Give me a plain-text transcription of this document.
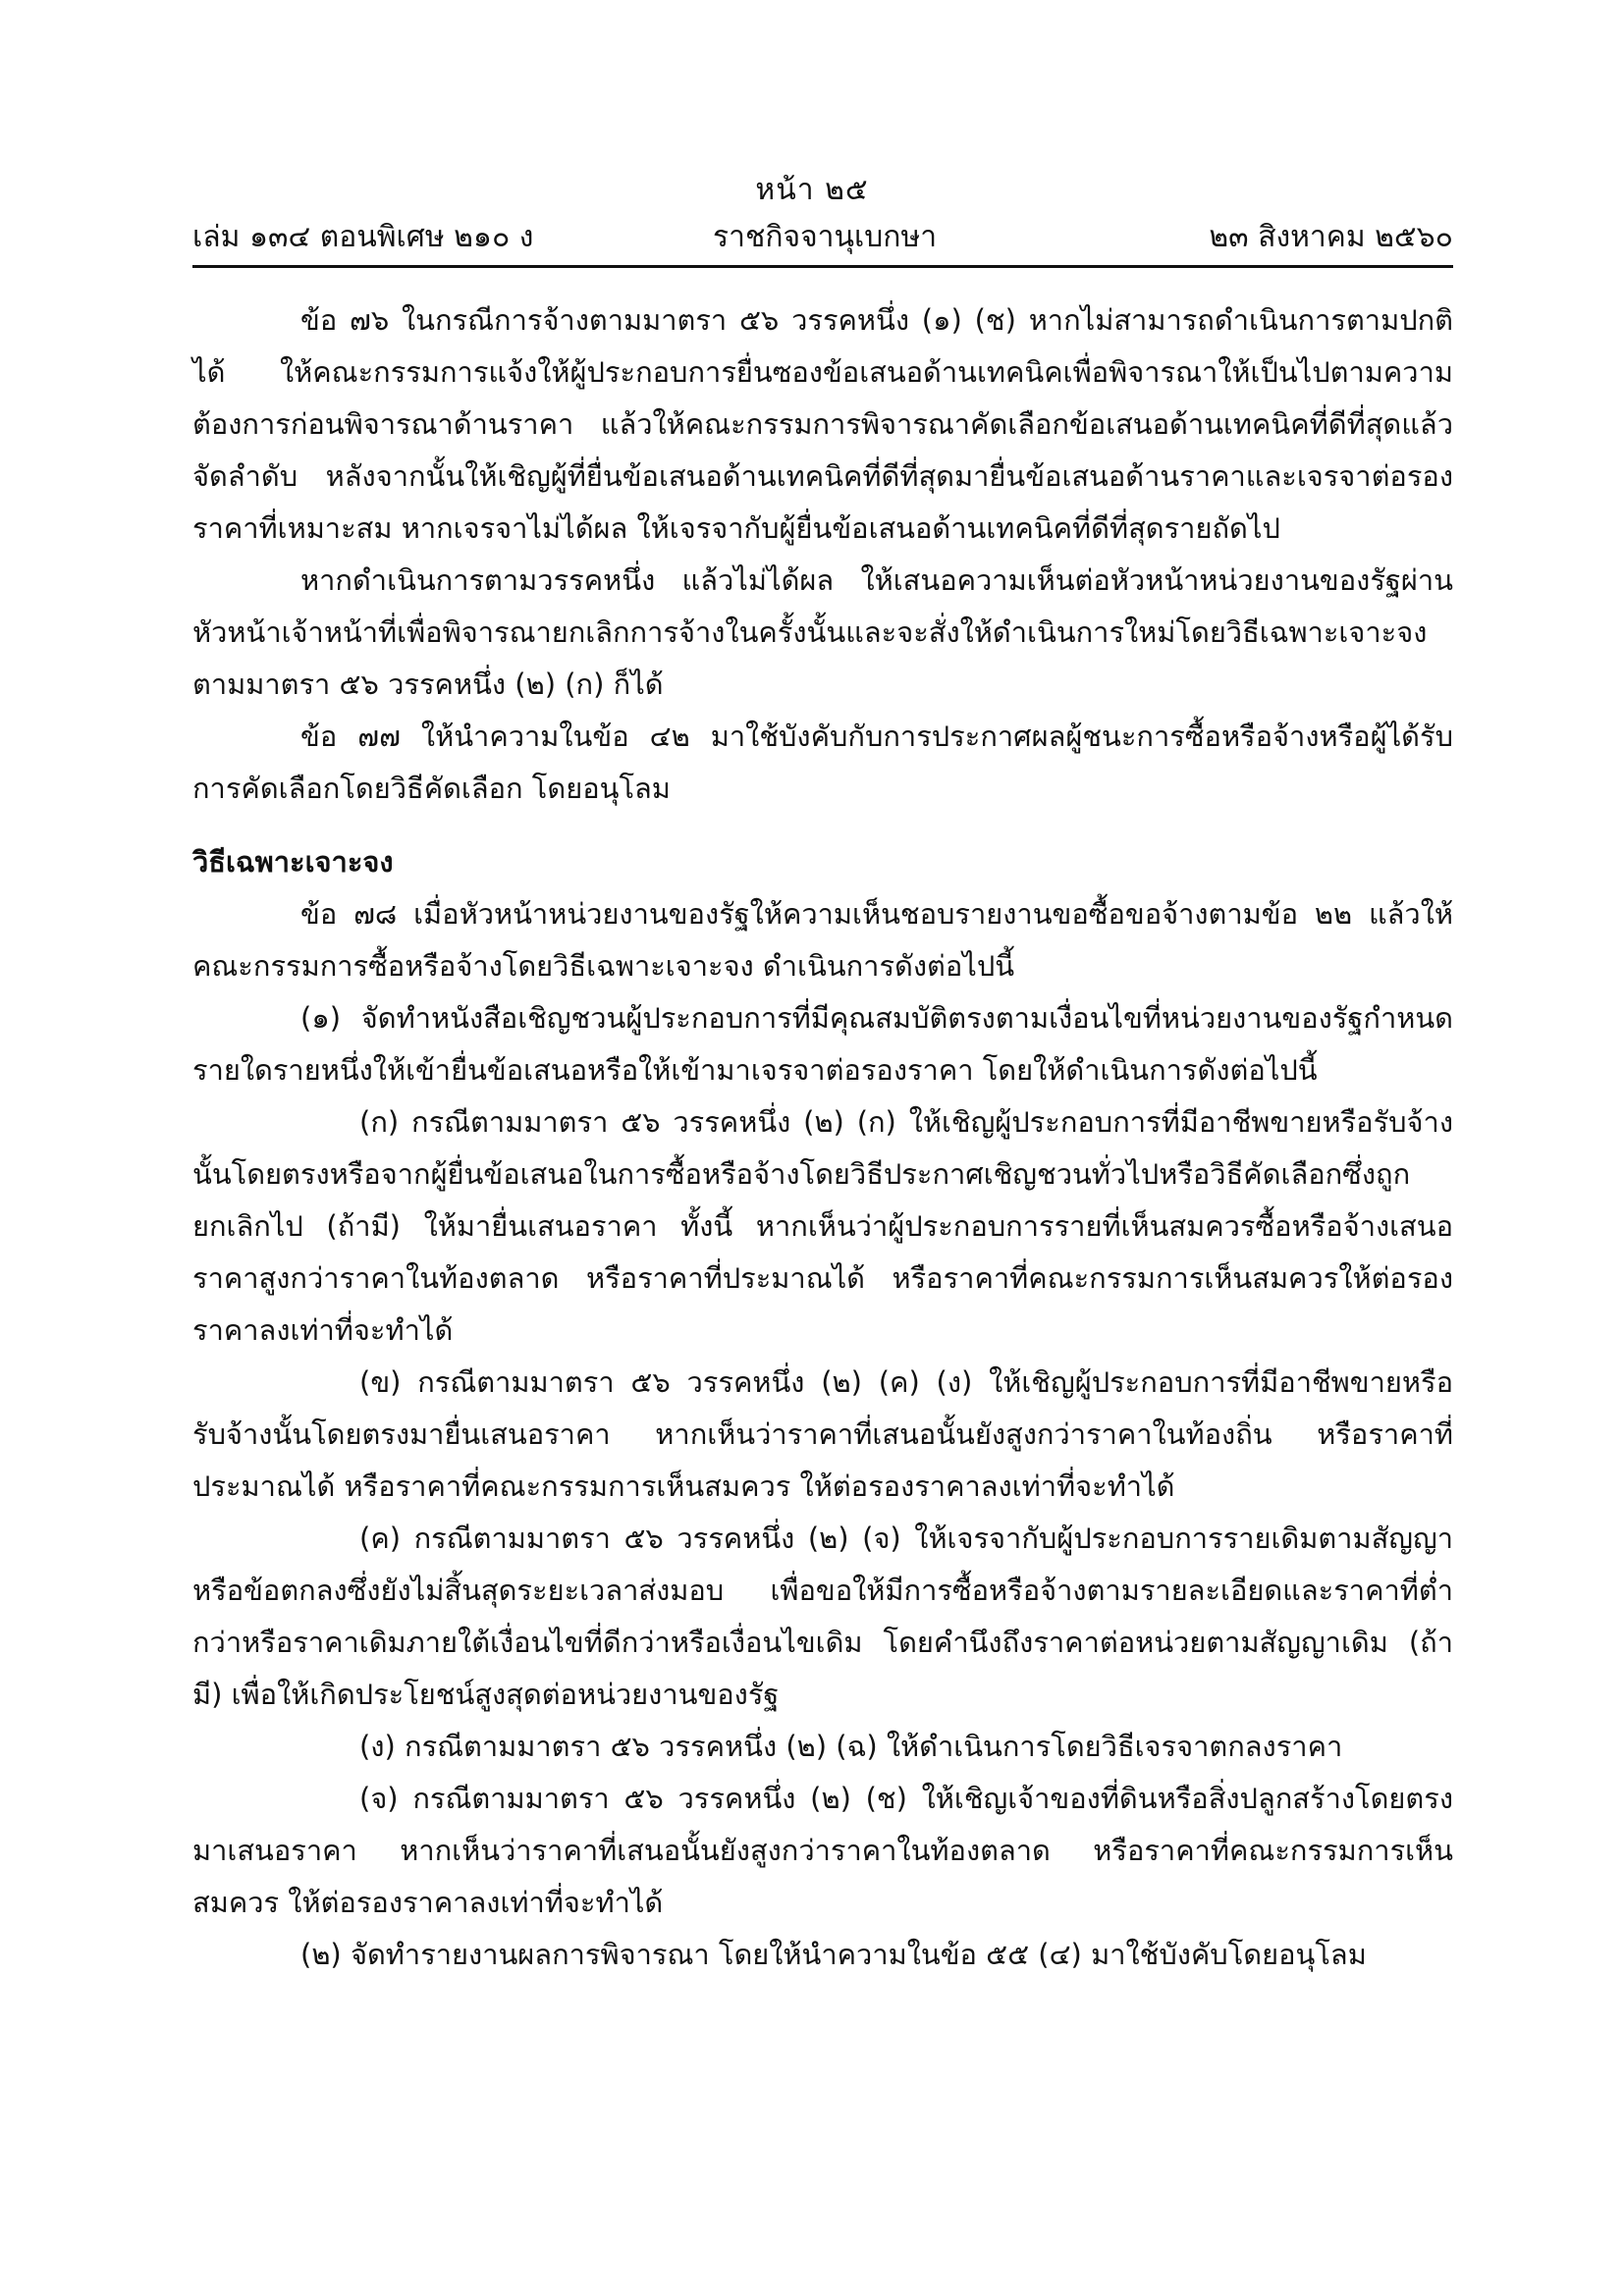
หน้า ๒๕
เล่ม ๑๓๔ ตอนพิเศษ ๒๑๐ ง	ราชกิจจานุเบกษา	๒๓ สิงหาคม ๒๕๖๐

ข้อ ๗๖ ในกรณีการจ้างตามมาตรา ๕๖ วรรคหนึ่ง (๑) (ช) หากไม่สามารถดำเนินการตามปกติได้ ให้คณะกรรมการแจ้งให้ผู้ประกอบการยื่นซองข้อเสนอด้านเทคนิคเพื่อพิจารณาให้เป็นไปตามความต้องการก่อนพิจารณาด้านราคา แล้วให้คณะกรรมการพิจารณาคัดเลือกข้อเสนอด้านเทคนิคที่ดีที่สุดแล้วจัดลำดับ หลังจากนั้นให้เชิญผู้ที่ยื่นข้อเสนอด้านเทคนิคที่ดีที่สุดมายื่นข้อเสนอด้านราคาและเจรจาต่อรองราคาที่เหมาะสม หากเจรจาไม่ได้ผล ให้เจรจากับผู้ยื่นข้อเสนอด้านเทคนิคที่ดีที่สุดรายถัดไป

หากดำเนินการตามวรรคหนึ่ง แล้วไม่ได้ผล ให้เสนอความเห็นต่อหัวหน้าหน่วยงานของรัฐผ่านหัวหน้าเจ้าหน้าที่เพื่อพิจารณายกเลิกการจ้างในครั้งนั้นและจะสั่งให้ดำเนินการใหม่โดยวิธีเฉพาะเจาะจงตามมาตรา ๕๖ วรรคหนึ่ง (๒) (ก) ก็ได้

ข้อ ๗๗ ให้นำความในข้อ ๔๒ มาใช้บังคับกับการประกาศผลผู้ชนะการซื้อหรือจ้างหรือผู้ได้รับการคัดเลือกโดยวิธีคัดเลือก โดยอนุโลม

วิธีเฉพาะเจาะจง

ข้อ ๗๘ เมื่อหัวหน้าหน่วยงานของรัฐให้ความเห็นชอบรายงานขอซื้อขอจ้างตามข้อ ๒๒ แล้วให้คณะกรรมการซื้อหรือจ้างโดยวิธีเฉพาะเจาะจง ดำเนินการดังต่อไปนี้

(๑) จัดทำหนังสือเชิญชวนผู้ประกอบการที่มีคุณสมบัติตรงตามเงื่อนไขที่หน่วยงานของรัฐกำหนดรายใดรายหนึ่งให้เข้ายื่นข้อเสนอหรือให้เข้ามาเจรจาต่อรองราคา โดยให้ดำเนินการดังต่อไปนี้

(ก) กรณีตามมาตรา ๕๖ วรรคหนึ่ง (๒) (ก) ให้เชิญผู้ประกอบการที่มีอาชีพขายหรือรับจ้างนั้นโดยตรงหรือจากผู้ยื่นข้อเสนอในการซื้อหรือจ้างโดยวิธีประกาศเชิญชวนทั่วไปหรือวิธีคัดเลือกซึ่งถูกยกเลิกไป (ถ้ามี) ให้มายื่นเสนอราคา ทั้งนี้ หากเห็นว่าผู้ประกอบการรายที่เห็นสมควรซื้อหรือจ้างเสนอราคาสูงกว่าราคาในท้องตลาด หรือราคาที่ประมาณได้ หรือราคาที่คณะกรรมการเห็นสมควรให้ต่อรองราคาลงเท่าที่จะทำได้

(ข) กรณีตามมาตรา ๕๖ วรรคหนึ่ง (๒) (ค) (ง) ให้เชิญผู้ประกอบการที่มีอาชีพขายหรือรับจ้างนั้นโดยตรงมายื่นเสนอราคา หากเห็นว่าราคาที่เสนอนั้นยังสูงกว่าราคาในท้องถิ่น หรือราคาที่ประมาณได้ หรือราคาที่คณะกรรมการเห็นสมควร ให้ต่อรองราคาลงเท่าที่จะทำได้

(ค) กรณีตามมาตรา ๕๖ วรรคหนึ่ง (๒) (จ) ให้เจรจากับผู้ประกอบการรายเดิมตามสัญญาหรือข้อตกลงซึ่งยังไม่สิ้นสุดระยะเวลาส่งมอบ เพื่อขอให้มีการซื้อหรือจ้างตามรายละเอียดและราคาที่ต่ำกว่าหรือราคาเดิมภายใต้เงื่อนไขที่ดีกว่าหรือเงื่อนไขเดิม โดยคำนึงถึงราคาต่อหน่วยตามสัญญาเดิม (ถ้ามี) เพื่อให้เกิดประโยชน์สูงสุดต่อหน่วยงานของรัฐ

(ง) กรณีตามมาตรา ๕๖ วรรคหนึ่ง (๒) (ฉ) ให้ดำเนินการโดยวิธีเจรจาตกลงราคา

(จ) กรณีตามมาตรา ๕๖ วรรคหนึ่ง (๒) (ช) ให้เชิญเจ้าของที่ดินหรือสิ่งปลูกสร้างโดยตรงมาเสนอราคา หากเห็นว่าราคาที่เสนอนั้นยังสูงกว่าราคาในท้องตลาด หรือราคาที่คณะกรรมการเห็นสมควร ให้ต่อรองราคาลงเท่าที่จะทำได้

(๒) จัดทำรายงานผลการพิจารณา โดยให้นำความในข้อ ๕๕ (๔) มาใช้บังคับโดยอนุโลม
